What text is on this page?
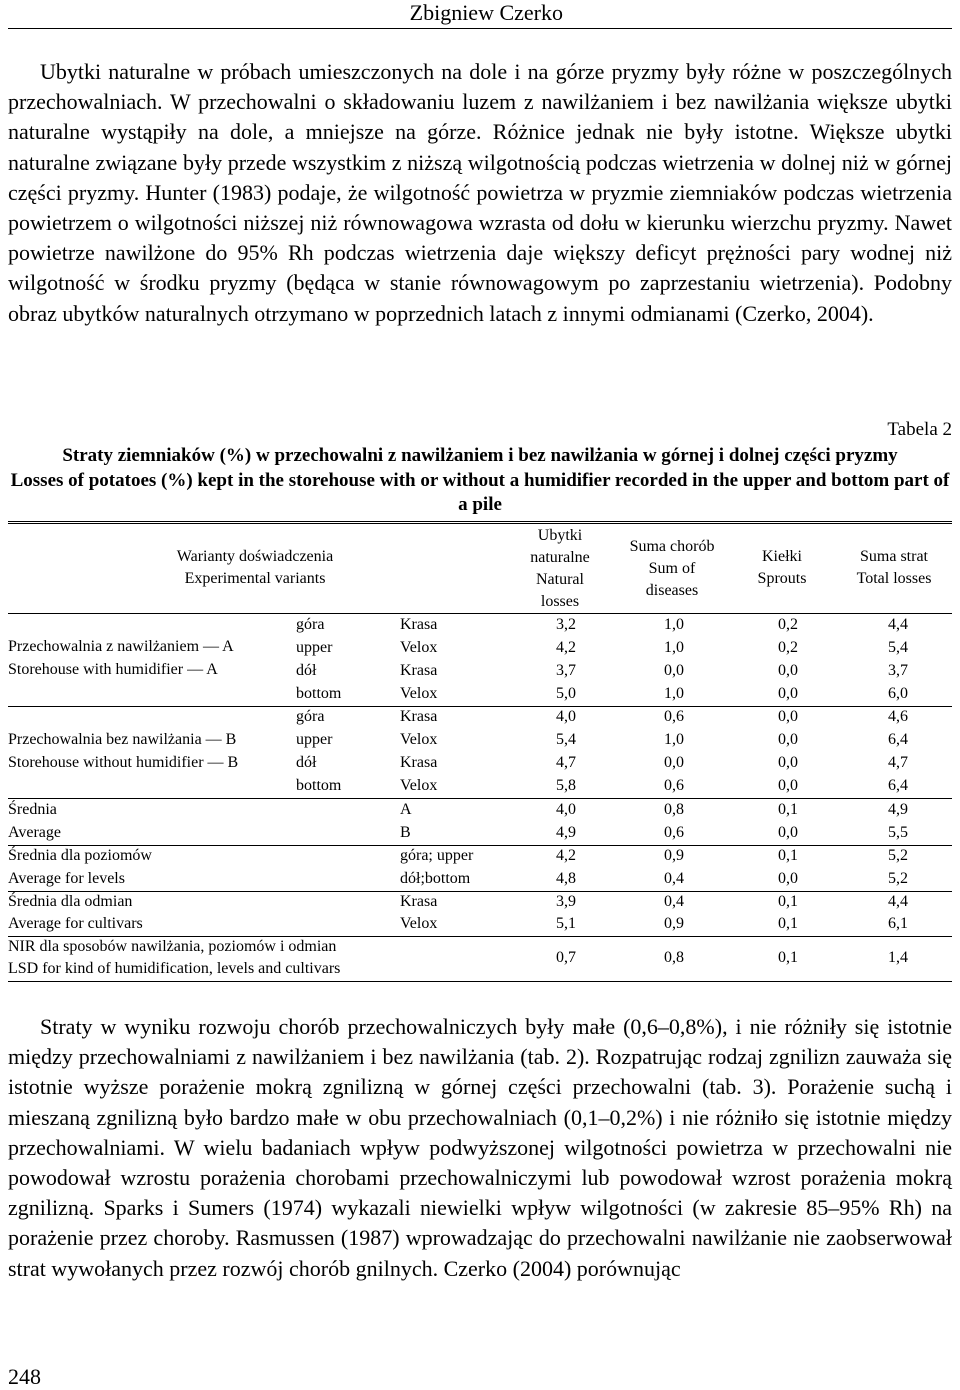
Zbigniew Czerko

Ubytki naturalne w próbach umieszczonych na dole i na górze pryzmy były różne w poszczególnych przechowalniach. W przechowalni o składowaniu luzem z nawilżaniem i bez nawilżania większe ubytki naturalne wystąpiły na dole, a mniejsze na górze. Różnice jednak nie były istotne. Większe ubytki naturalne związane były przede wszystkim z niższą wilgotnością podczas wietrzenia w dolnej niż w górnej części pryzmy. Hunter (1983) podaje, że wilgotność powietrza w pryzmie ziemniaków podczas wietrzenia powietrzem o wilgotności niższej niż równowagowa wzrasta od dołu w kierunku wierzchu pryzmy. Nawet powietrze nawilżone do 95% Rh podczas wietrzenia daje większy deficyt prężności pary wodnej niż wilgotność w środku pryzmy (będąca w stanie równowagowym po zaprzestaniu wietrzenia). Podobny obraz ubytków naturalnych otrzymano w poprzednich latach z innymi odmianami (Czerko, 2004).

Tabela 2
Straty ziemniaków (%) w przechowalni z nawilżaniem i bez nawilżania w górnej i dolnej części pryzmy
Losses of potatoes (%) kept in the storehouse with or without a humidifier recorded in the upper and bottom part of a pile
Warianty doświadczenia
Experimental variants
Ubytki
naturalne
Natural
losses
Suma chorób
Sum of
diseases
Kiełki
Sprouts
Suma strat
Total losses
Przechowalnia z nawilżaniem — A
Storehouse with humidifier — A
góra	Krasa	3,2	1,0	0,2	4,4
upper	Velox	4,2	1,0	0,2	5,4
dół	Krasa	3,7	0,0	0,0	3,7
bottom	Velox	5,0	1,0	0,0	6,0
Przechowalnia bez nawilżania — B
Storehouse without humidifier — B
góra	Krasa	4,0	0,6	0,0	4,6
upper	Velox	5,4	1,0	0,0	6,4
dół	Krasa	4,7	0,0	0,0	4,7
bottom	Velox	5,8	0,6	0,0	6,4
Średnia
Average
A	4,0	0,8	0,1	4,9
B	4,9	0,6	0,0	5,5
Średnia dla poziomów
Average for levels
góra; upper	4,2	0,9	0,1	5,2
dół;bottom	4,8	0,4	0,0	5,2
Średnia dla odmian
Average for cultivars
Krasa	3,9	0,4	0,1	4,4
Velox	5,1	0,9	0,1	6,1
NIR dla sposobów nawilżania, poziomów i odmian
LSD for kind of humidification, levels and cultivars
0,7	0,8	0,1	1,4

Straty w wyniku rozwoju chorób przechowalniczych były małe (0,6–0,8%), i nie różniły się istotnie między przechowalniami z nawilżaniem i bez nawilżania (tab. 2). Rozpatrując rodzaj zgnilizn zauważa się istotnie wyższe porażenie mokrą zgnilizną w górnej części przechowalni (tab. 3). Porażenie suchą i mieszaną zgnilizną było bardzo małe w obu przechowalniach (0,1–0,2%) i nie różniło się istotnie między przechowalniami. W wielu badaniach wpływ podwyższonej wilgotności powietrza w przechowalni nie powodował wzrostu porażenia chorobami przechowalniczymi lub powodował wzrost porażenia mokrą zgnilizną. Sparks i Sumers (1974) wykazali niewielki wpływ wilgotności (w zakresie 85–95% Rh) na porażenie przez choroby. Rasmussen (1987) wprowadzając do przechowalni nawilżanie nie zaobserwował strat wywołanych przez rozwój chorób gnilnych. Czerko (2004) porównując

248
